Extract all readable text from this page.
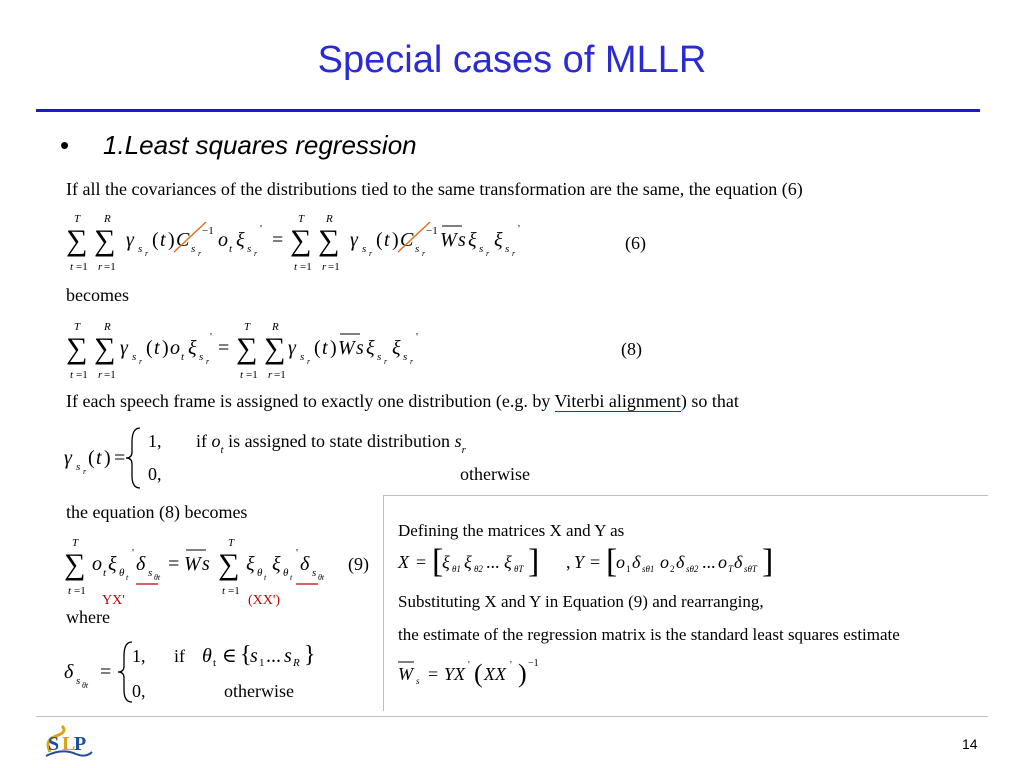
Special cases of MLLR
• 1.Least squares regression
If all the covariances of the distributions tied to the same transformation are the same, the equation (6)
T
∑
t =1
R
∑
r =1
γ s r
( t ) C s r
−1 o t ξ s r
' =
T
∑
t =1
R
∑
r =1
γ s r
( t ) C s r
−1 W s ξ s r
ξ s r
'
(6)
becomes
T
∑
t =1
R
∑
r =1
γ s r
( t ) o t ξ s r
' =
T
∑
t =1
R
∑
r =1
γ s r
( t ) W s ξ s r
ξ s r
'
(8)
If each speech frame is assigned to exactly one distribution (e.g. by Viterbi alignment) so that
γ s r
( t ) =
1, if $o_t$ is assigned to state distribution $s_r$
0,	otherwise
the equation (8) becomes
T
∑
t =1
o t ξ θ t
' δ s θt
= W s
T
∑
t =1
ξ θ t
ξ θ t
' δ s θt
(9)
YX'	(XX')
where
δ s θt
=
1, if θ t ∈ {
s 1 ... s R }
0,	otherwise
Defining the matrices X and Y as
X = [
ξ θ1 ξ θ2 ... ξ θT ] , Y = [
o 1 δ sθ1 o 2 δ sθ2 ... o T δ sθT ]
Substituting X and Y in Equation (9) and rearranging,
the estimate of the regression matrix is the standard least squares estimate
W s = YX ' ( XX ' ) −1
S L
P	14
